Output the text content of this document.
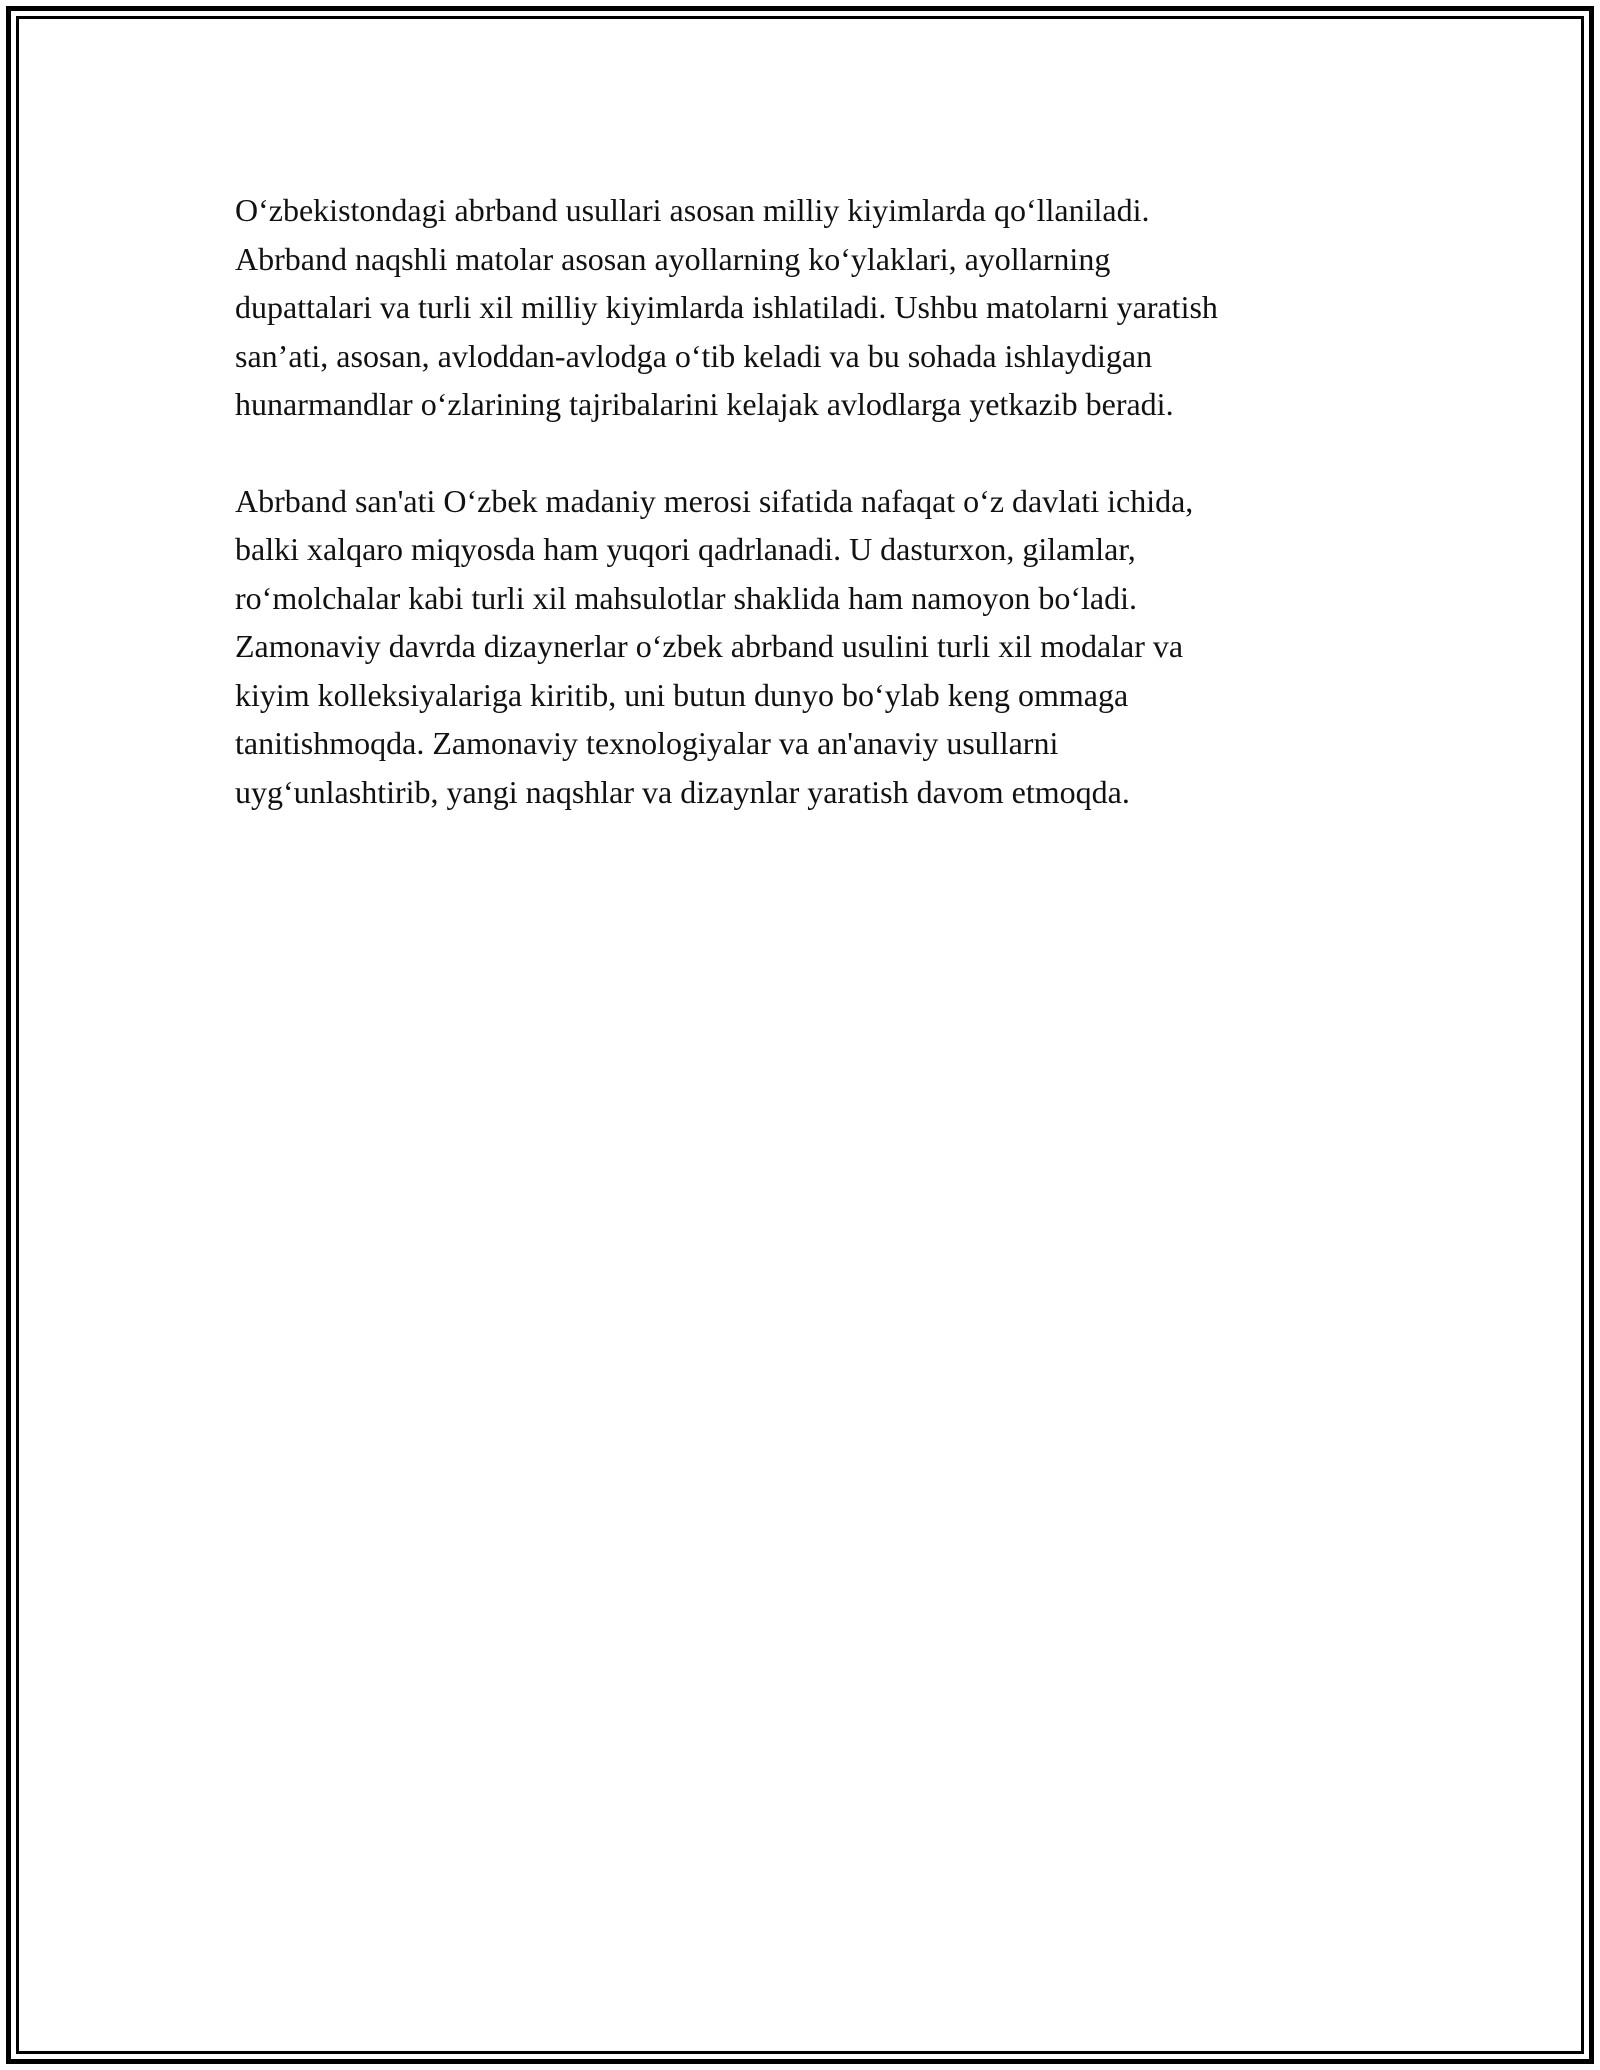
O‘zbekistondagi abrband usullari asosan milliy kiyimlarda qo‘llaniladi.
Abrband naqshli matolar asosan ayollarning ko‘ylaklari, ayollarning
dupattalari va turli xil milliy kiyimlarda ishlatiladi. Ushbu matolarni yaratish
san’ati, asosan, avloddan-avlodga o‘tib keladi va bu sohada ishlaydigan
hunarmandlar o‘zlarining tajribalarini kelajak avlodlarga yetkazib beradi.

Abrband san'ati O‘zbek madaniy merosi sifatida nafaqat o‘z davlati ichida,
balki xalqaro miqyosda ham yuqori qadrlanadi. U dasturxon, gilamlar,
ro‘molchalar kabi turli xil mahsulotlar shaklida ham namoyon bo‘ladi.
Zamonaviy davrda dizaynerlar o‘zbek abrband usulini turli xil modalar va
kiyim kolleksiyalariga kiritib, uni butun dunyo bo‘ylab keng ommaga
tanitishmoqda. Zamonaviy texnologiyalar va an'anaviy usullarni
uyg‘unlashtirib, yangi naqshlar va dizaynlar yaratish davom etmoqda.
